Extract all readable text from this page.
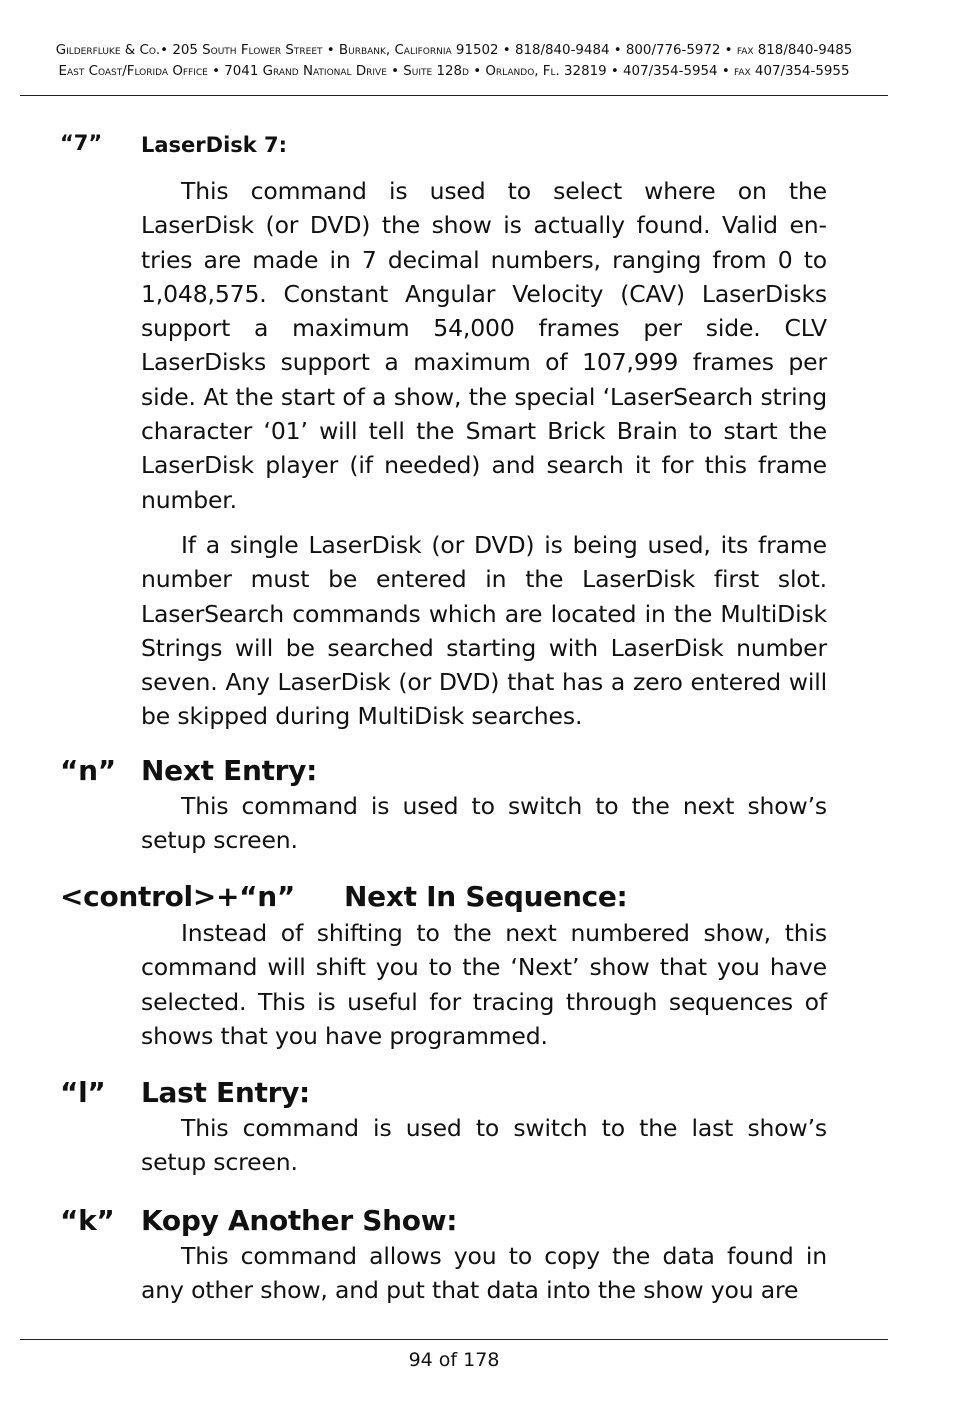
Gilderfluke & Co.• 205 South Flower Street • Burbank, California 91502 • 818/840-9484 • 800/776-5972 • fax 818/840-9485
East Coast/Florida Office • 7041 Grand National Drive • Suite 128d • Orlando, Fl. 32819 • 407/354-5954 • fax 407/354-5955
“7” LaserDisk 7:

This command is used to select where on the LaserDisk (or DVD) the show is actually found. Valid entries are made in 7 decimal numbers, ranging from 0 to 1,048,575. Constant Angular Velocity (CAV) LaserDisks support a maximum 54,000 frames per side. CLV LaserDisks support a maximum of 107,999 frames per side. At the start of a show, the special ‘LaserSearch string character ‘01’ will tell the Smart Brick Brain to start the LaserDisk player (if needed) and search it for this frame number.

If a single LaserDisk (or DVD) is being used, its frame number must be entered in the LaserDisk first slot. LaserSearch commands which are located in the MultiDisk Strings will be searched starting with LaserDisk number seven. Any LaserDisk (or DVD) that has a zero entered will be skipped during MultiDisk searches.

“n” Next Entry:

This command is used to switch to the next show’s setup screen.

<control>+“n” Next In Sequence:

Instead of shifting to the next numbered show, this command will shift you to the ‘Next’ show that you have selected. This is useful for tracing through sequences of shows that you have programmed.

“l” Last Entry:

This command is used to switch to the last show’s setup screen.

“k” Kopy Another Show:

This command allows you to copy the data found in any other show, and put that data into the show you are

94 of 178
